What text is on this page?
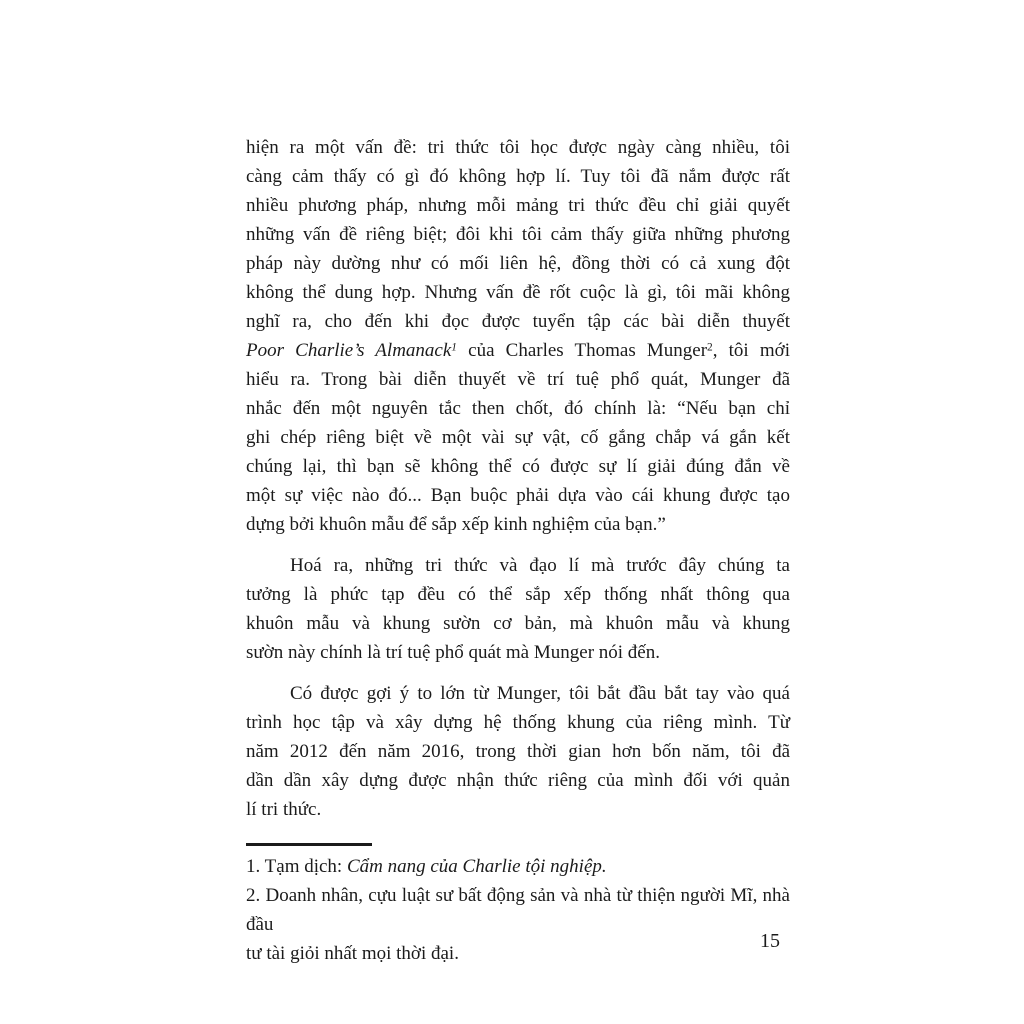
hiện ra một vấn đề: tri thức tôi học được ngày càng nhiều, tôi
càng cảm thấy có gì đó không hợp lí. Tuy tôi đã nắm được rất
nhiều phương pháp, nhưng mỗi mảng tri thức đều chỉ giải quyết
những vấn đề riêng biệt; đôi khi tôi cảm thấy giữa những phương
pháp này dường như có mối liên hệ, đồng thời có cả xung đột
không thể dung hợp. Nhưng vấn đề rốt cuộc là gì, tôi mãi không
nghĩ ra, cho đến khi đọc được tuyển tập các bài diễn thuyết
Poor Charlie’s Almanack$^1$ của Charles Thomas Munger$^2$, tôi mới
hiểu ra. Trong bài diễn thuyết về trí tuệ phổ quát, Munger đã
nhắc đến một nguyên tắc then chốt, đó chính là: “Nếu bạn chỉ
ghi chép riêng biệt về một vài sự vật, cố gắng chắp vá gắn kết
chúng lại, thì bạn sẽ không thể có được sự lí giải đúng đắn về
một sự việc nào đó... Bạn buộc phải dựa vào cái khung được tạo
dựng bởi khuôn mẫu để sắp xếp kinh nghiệm của bạn.”
Hoá ra, những tri thức và đạo lí mà trước đây chúng ta
tưởng là phức tạp đều có thể sắp xếp thống nhất thông qua
khuôn mẫu và khung sườn cơ bản, mà khuôn mẫu và khung
sườn này chính là trí tuệ phổ quát mà Munger nói đến.
Có được gợi ý to lớn từ Munger, tôi bắt đầu bắt tay vào quá
trình học tập và xây dựng hệ thống khung của riêng mình. Từ
năm 2012 đến năm 2016, trong thời gian hơn bốn năm, tôi đã
dần dần xây dựng được nhận thức riêng của mình đối với quản
lí tri thức.
1. Tạm dịch: Cẩm nang của Charlie tội nghiệp.
2. Doanh nhân, cựu luật sư bất động sản và nhà từ thiện người Mĩ, nhà đầu
tư tài giỏi nhất mọi thời đại.
15
